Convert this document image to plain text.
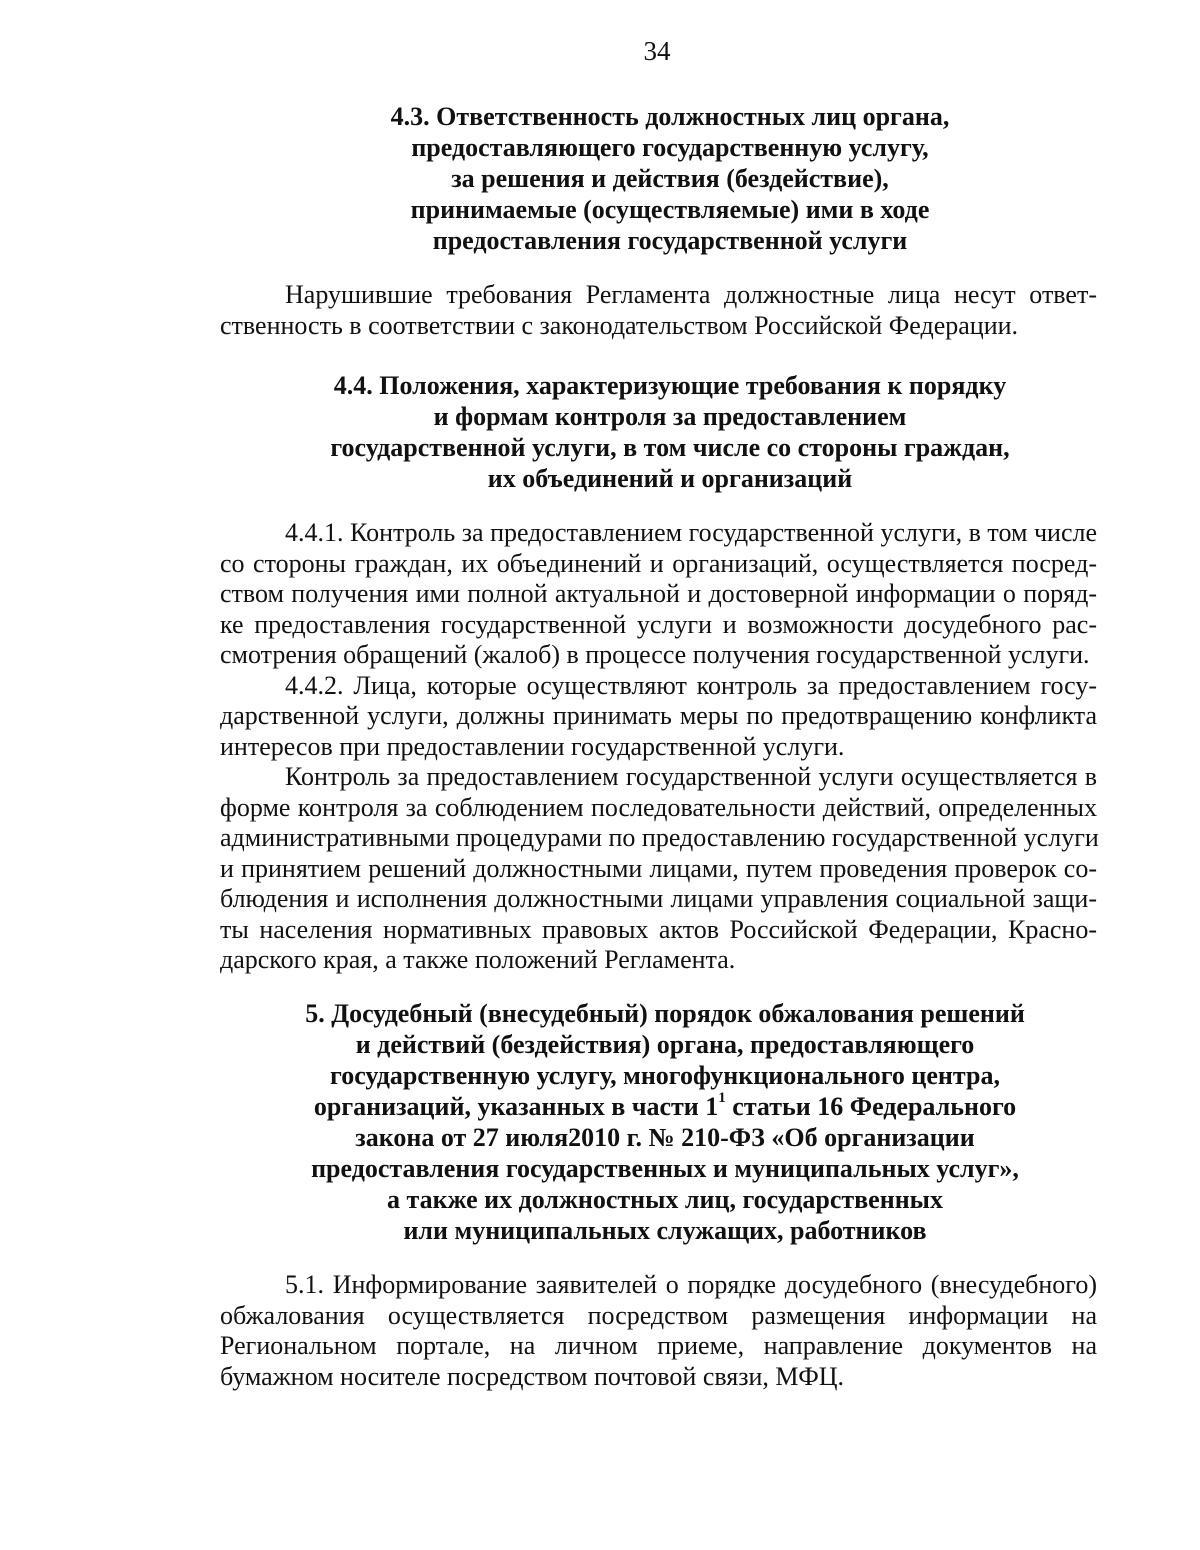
34
4.3. Ответственность должностных лиц органа,
предоставляющего государственную услугу,
за решения и действия (бездействие),
принимаемые (осуществляемые) ими в ходе
предоставления государственной услуги
Нарушившие требования Регламента должностные лица несут ответ-
ственность в соответствии с законодательством Российской Федерации.
4.4. Положения, характеризующие требования к порядку
и формам контроля за предоставлением
государственной услуги, в том числе со стороны граждан,
их объединений и организаций
4.4.1. Контроль за предоставлением государственной услуги, в том числе
со стороны граждан, их объединений и организаций, осуществляется посред-
ством получения ими полной актуальной и достоверной информации о поряд-
ке предоставления государственной услуги и возможности досудебного рас-
смотрения обращений (жалоб) в процессе получения государственной услуги.
4.4.2. Лица, которые осуществляют контроль за предоставлением госу-
дарственной услуги, должны принимать меры по предотвращению конфликта
интересов при предоставлении государственной услуги.
Контроль за предоставлением государственной услуги осуществляется в
форме контроля за соблюдением последовательности действий, определенных
административными процедурами по предоставлению государственной услуги
и принятием решений должностными лицами, путем проведения проверок со-
блюдения и исполнения должностными лицами управления социальной защи-
ты населения нормативных правовых актов Российской Федерации, Красно-
дарского края, а также положений Регламента.
5. Досудебный (внесудебный) порядок обжалования решений
и действий (бездействия) органа, предоставляющего
государственную услугу, многофункционального центра,
организаций, указанных в части $1^1$ статьи 16 Федерального
закона от 27 июля2010 г. № 210-ФЗ «Об организации
предоставления государственных и муниципальных услуг»,
а также их должностных лиц, государственных
или муниципальных служащих, работников
5.1. Информирование заявителей о порядке досудебного (внесудебного)
обжалования осуществляется посредством размещения информации на
Региональном портале, на личном приеме, направление документов на
бумажном носителе посредством почтовой связи, МФЦ.
